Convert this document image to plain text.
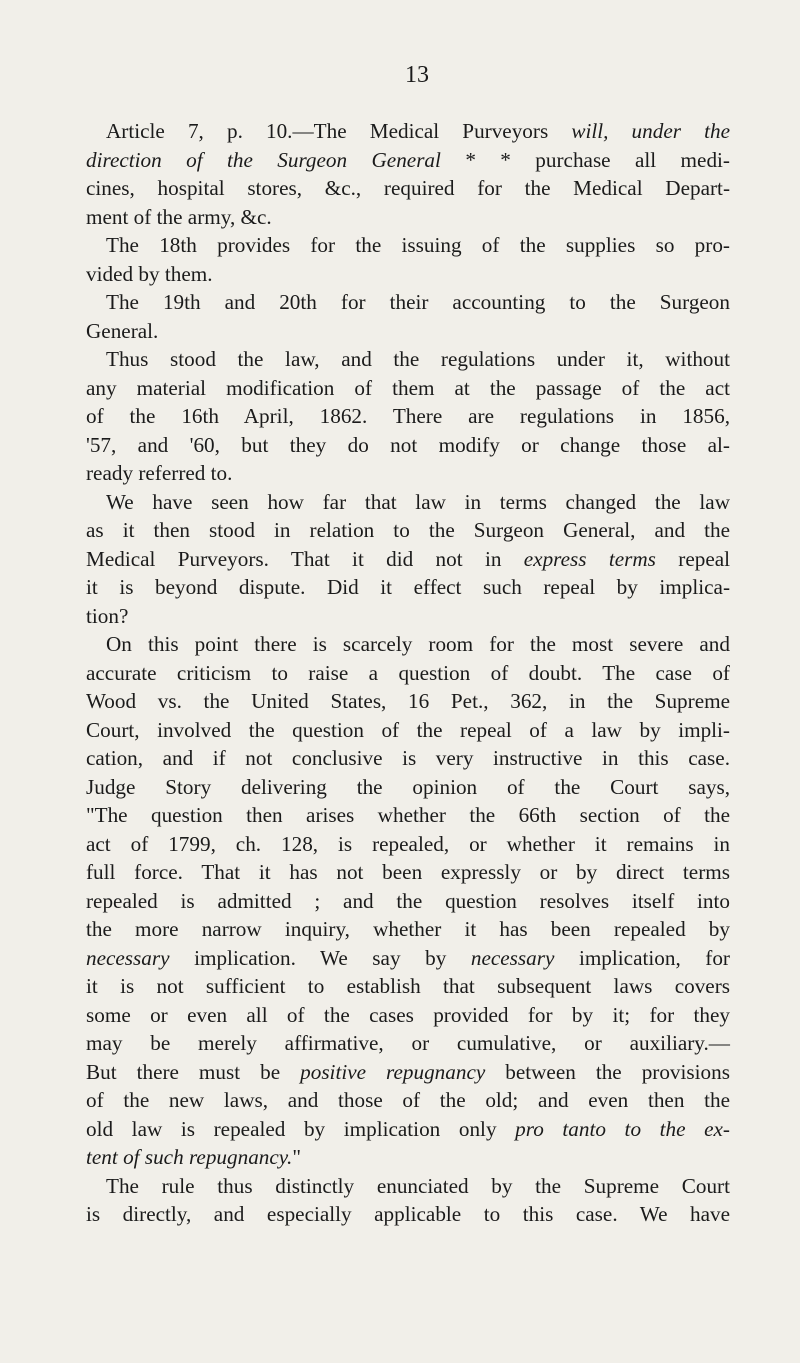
13
Article 7, p. 10.—The Medical Purveyors will, under the
direction of the Surgeon General * * purchase all medi-
cines, hospital stores, &c., required for the Medical Depart-
ment of the army, &c.
The 18th provides for the issuing of the supplies so pro-
vided by them.
The 19th and 20th for their accounting to the Surgeon
General.
Thus stood the law, and the regulations under it, without
any material modification of them at the passage of the act
of the 16th April, 1862. There are regulations in 1856,
'57, and '60, but they do not modify or change those al-
ready referred to.
We have seen how far that law in terms changed the law
as it then stood in relation to the Surgeon General, and the
Medical Purveyors. That it did not in express terms repeal
it is beyond dispute. Did it effect such repeal by implica-
tion?
On this point there is scarcely room for the most severe and
accurate criticism to raise a question of doubt. The case of
Wood vs. the United States, 16 Pet., 362, in the Supreme
Court, involved the question of the repeal of a law by impli-
cation, and if not conclusive is very instructive in this case.
Judge Story delivering the opinion of the Court says,
"The question then arises whether the 66th section of the
act of 1799, ch. 128, is repealed, or whether it remains in
full force. That it has not been expressly or by direct terms
repealed is admitted ; and the question resolves itself into
the more narrow inquiry, whether it has been repealed by
necessary implication. We say by necessary implication, for
it is not sufficient to establish that subsequent laws covers
some or even all of the cases provided for by it; for they
may be merely affirmative, or cumulative, or auxiliary.—
But there must be positive repugnancy between the provisions
of the new laws, and those of the old; and even then the
old law is repealed by implication only pro tanto to the ex-
tent of such repugnancy."
The rule thus distinctly enunciated by the Supreme Court
is directly, and especially applicable to this case. We have
